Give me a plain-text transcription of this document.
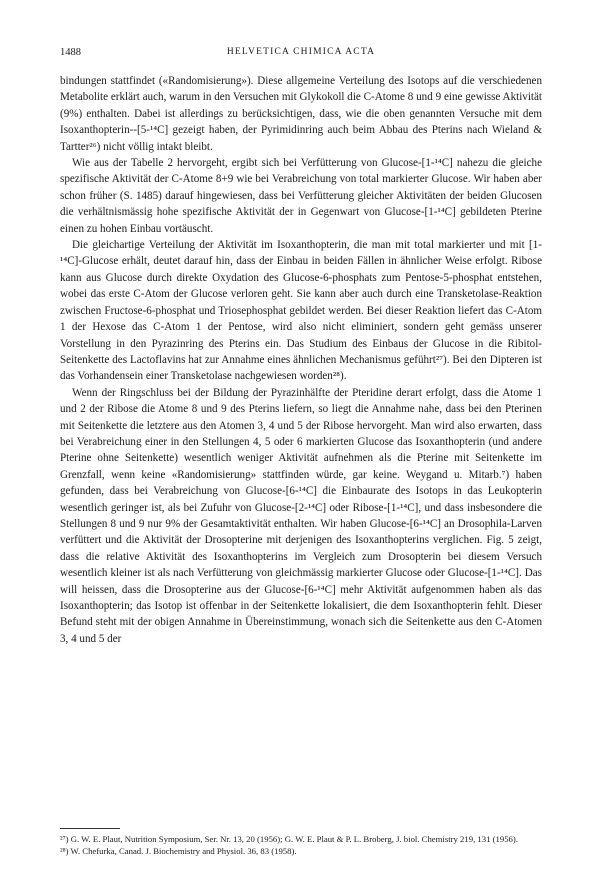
1488	HELVETICA CHIMICA ACTA

bindungen stattfindet («Randomisierung»). Diese allgemeine Verteilung des Isotops auf die verschiedenen Metabolite erklärt auch, warum in den Versuchen mit Glykokoll die C-Atome 8 und 9 eine gewisse Aktivität (9%) enthalten. Dabei ist allerdings zu berücksichtigen, dass, wie die oben genannten Versuche mit dem Isoxanthopterin--[5-¹⁴C] gezeigt haben, der Pyrimidinring auch beim Abbau des Pterins nach Wieland & Tartter²⁶) nicht völlig intakt bleibt.

Wie aus der Tabelle 2 hervorgeht, ergibt sich bei Verfütterung von Glucose-[1-¹⁴C] nahezu die gleiche spezifische Aktivität der C-Atome 8+9 wie bei Verabreichung von total markierter Glucose. Wir haben aber schon früher (S. 1485) darauf hingewiesen, dass bei Verfütterung gleicher Aktivitäten der beiden Glucosen die verhältnismässig hohe spezifische Aktivität der in Gegenwart von Glucose-[1-¹⁴C] gebildeten Pterine einen zu hohen Einbau vortäuscht.

Die gleichartige Verteilung der Aktivität im Isoxanthopterin, die man mit total markierter und mit [1-¹⁴C]-Glucose erhält, deutet darauf hin, dass der Einbau in beiden Fällen in ähnlicher Weise erfolgt. Ribose kann aus Glucose durch direkte Oxydation des Glucose-6-phosphats zum Pentose-5-phosphat entstehen, wobei das erste C-Atom der Glucose verloren geht. Sie kann aber auch durch eine Transketolase-Reaktion zwischen Fructose-6-phosphat und Triosephosphat gebildet werden. Bei dieser Reaktion liefert das C-Atom 1 der Hexose das C-Atom 1 der Pentose, wird also nicht eliminiert, sondern geht gemäss unserer Vorstellung in den Pyrazinring des Pterins ein. Das Studium des Einbaus der Glucose in die Ribitol-Seitenkette des Lactoflavins hat zur Annahme eines ähnlichen Mechanismus geführt²⁷). Bei den Dipteren ist das Vorhandensein einer Transketolase nachgewiesen worden²⁸).

Wenn der Ringschluss bei der Bildung der Pyrazinhälfte der Pteridine derart erfolgt, dass die Atome 1 und 2 der Ribose die Atome 8 und 9 des Pterins liefern, so liegt die Annahme nahe, dass bei den Pterinen mit Seitenkette die letztere aus den Atomen 3, 4 und 5 der Ribose hervorgeht. Man wird also erwarten, dass bei Verabreichung einer in den Stellungen 4, 5 oder 6 markierten Glucose das Isoxanthopterin (und andere Pterine ohne Seitenkette) wesentlich weniger Aktivität aufnehmen als die Pterine mit Seitenkette im Grenzfall, wenn keine «Randomisierung» stattfinden würde, gar keine. Weygand u. Mitarb.⁷) haben gefunden, dass bei Verabreichung von Glucose-[6-¹⁴C] die Einbaurate des Isotops in das Leukopterin wesentlich geringer ist, als bei Zufuhr von Glucose-[2-¹⁴C] oder Ribose-[1-¹⁴C], und dass insbesondere die Stellungen 8 und 9 nur 9% der Gesamtaktivität enthalten. Wir haben Glucose-[6-¹⁴C] an Drosophila-Larven verfüttert und die Aktivität der Drosopterine mit derjenigen des Isoxanthopterins verglichen. Fig. 5 zeigt, dass die relative Aktivität des Isoxanthopterins im Vergleich zum Drosopterin bei diesem Versuch wesentlich kleiner ist als nach Verfütterung von gleichmässig markierter Glucose oder Glucose-[1-¹⁴C]. Das will heissen, dass die Drosopterine aus der Glucose-[6-¹⁴C] mehr Aktivität aufgenommen haben als das Isoxanthopterin; das Isotop ist offenbar in der Seitenkette lokalisiert, die dem Isoxanthopterin fehlt. Dieser Befund steht mit der obigen Annahme in Übereinstimmung, wonach sich die Seitenkette aus den C-Atomen 3, 4 und 5 der

²⁷) G. W. E. Plaut, Nutrition Symposium, Ser. Nr. 13, 20 (1956); G. W. E. Plaut & P. L. Broberg, J. biol. Chemistry 219, 131 (1956).

²⁸) W. Chefurka, Canad. J. Biochemistry and Physiol. 36, 83 (1958).
